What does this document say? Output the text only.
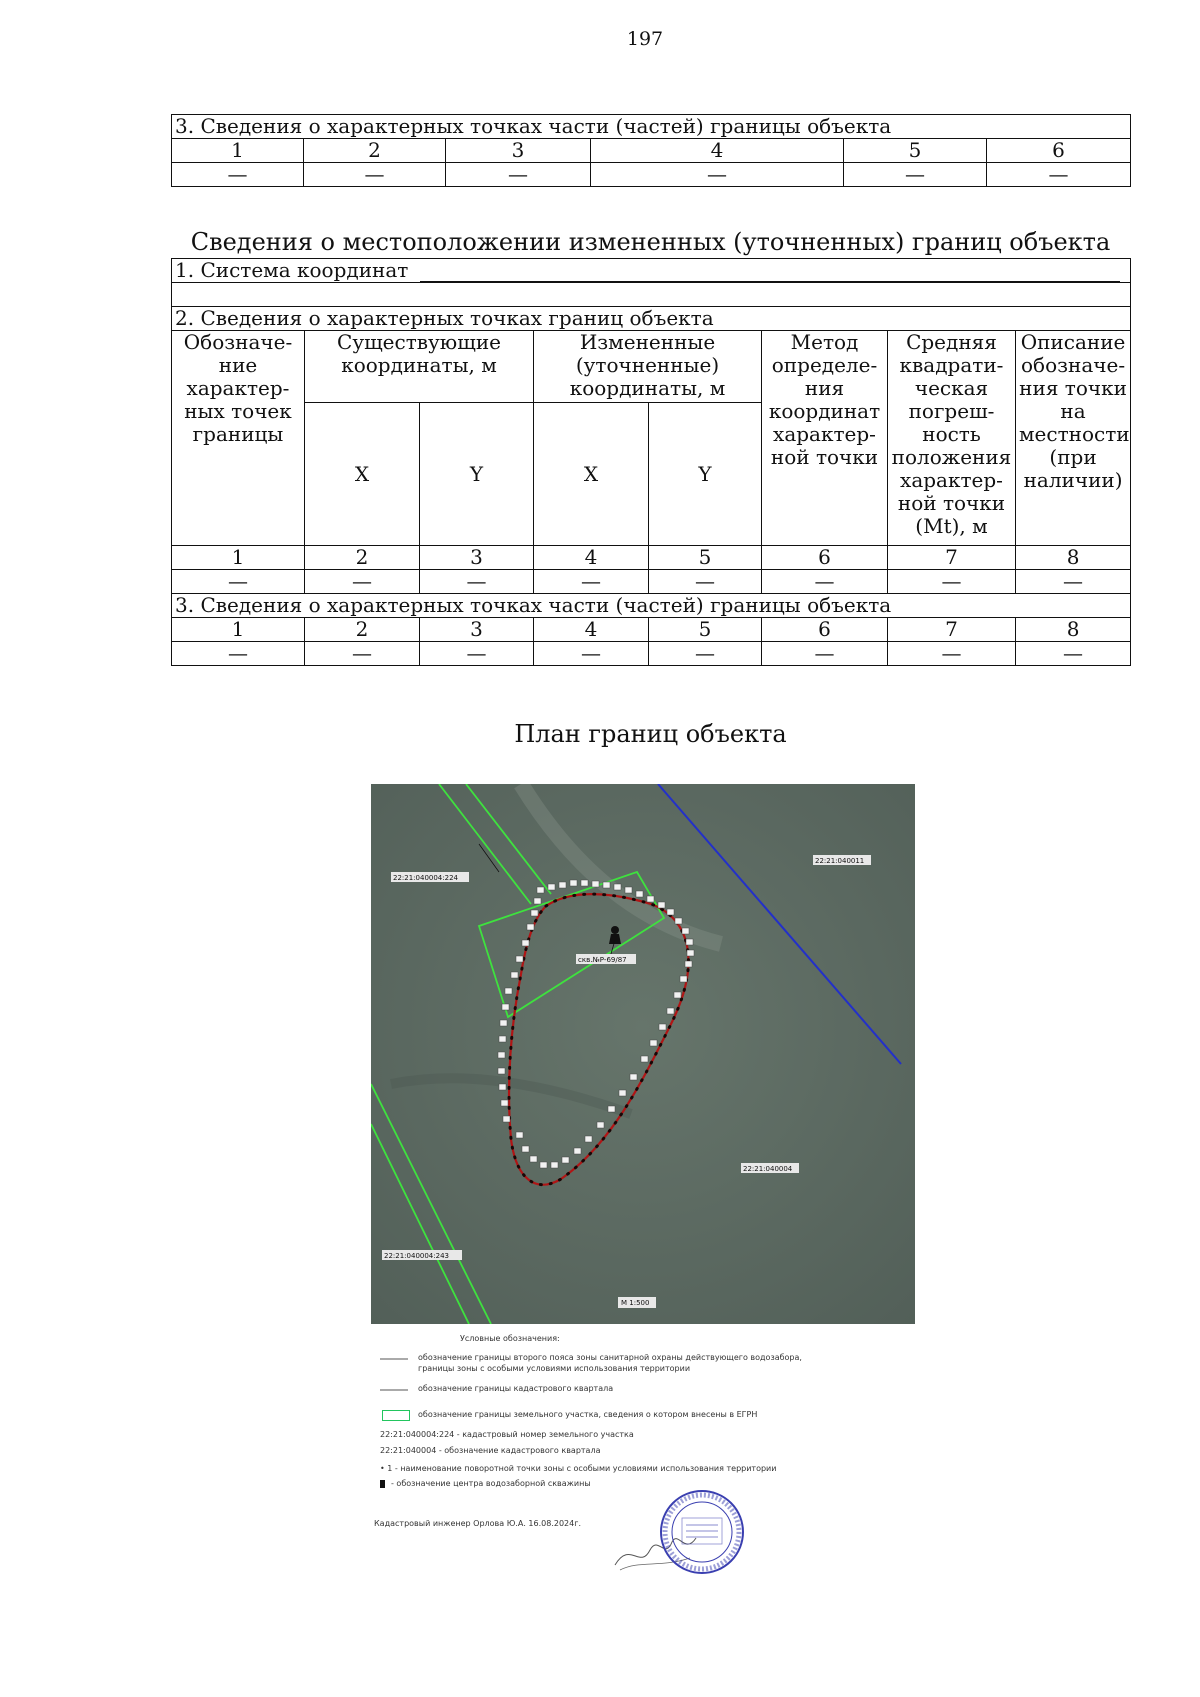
197
3. Сведения о характерных точках части (частей) границы объекта					
1	2	3	4	5	6
—	—	—	—	—	—
Сведения о местоположении измененных (уточненных) границ объекта
1. Система координат							

2. Сведения о характерных точках границ объекта							
Обозначе-ние характер-ных точек границы	Существующие координаты, м		Измененные (уточненные) координаты, м		Метод определе-ния координат характер-ной точки	Средняя квадрати-ческая погреш-ность положения характер-ной точки (Mt), м	Описание обозначе-ния точки на местности (при наличии)
	X	Y	X	Y			
1	2	3	4	5	6	7	8
—	—	—	—	—	—	—	—
3. Сведения о характерных точках части (частей) границы объекта							
1	2	3	4	5	6	7	8
—	—	—	—	—	—	—	—
План границ объекта
22:21:040004:224
22:21:040011
скв.№Р-69/87
22:21:040004
22:21:040004:243
М 1:500
Условные обозначения:
обозначение границы второго пояса зоны санитарной охраны действующего водозабора, границы зоны с особыми условиями использования территории
обозначение границы кадастрового квартала
обозначение границы земельного участка, сведения о котором внесены в ЕГРН
22:21:040004:224 - кадастровый номер земельного участка
22:21:040004 - обозначение кадастрового квартала
• 1 - наименование поворотной точки зоны с особыми условиями использования территории
- обозначение центра водозаборной скважины
Кадастровый инженер Орлова Ю.А. 16.08.2024г.
